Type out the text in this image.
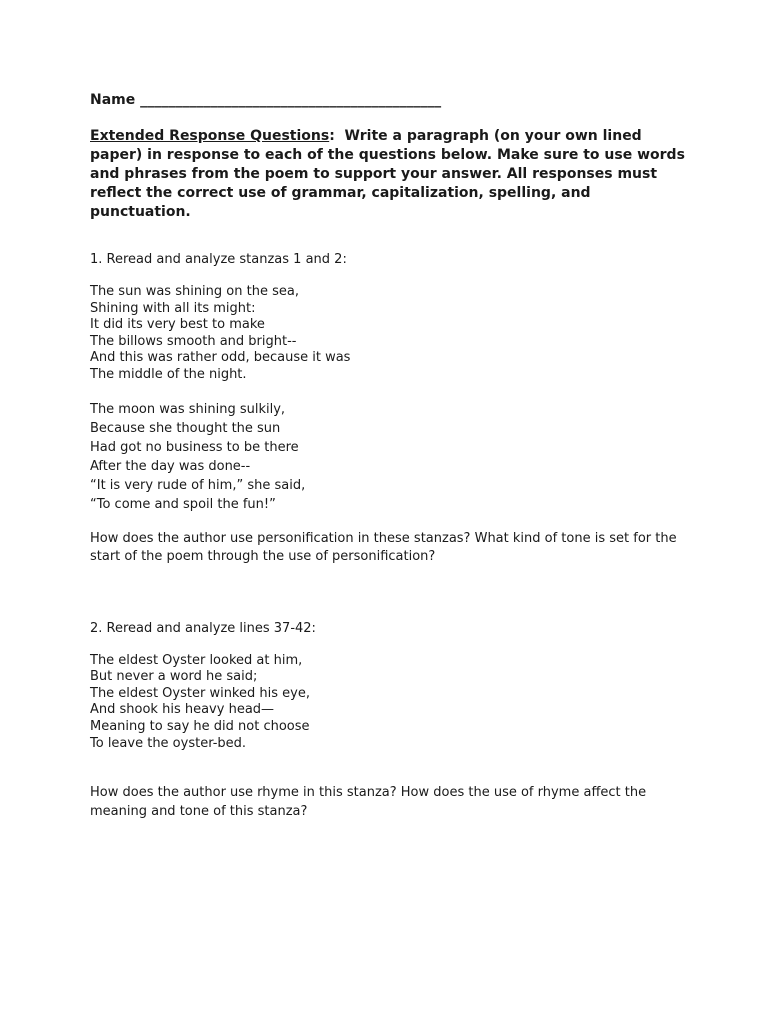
Name ___________________________________________

Extended Response Questions: Write a paragraph (on your own lined paper) in response to each of the questions below. Make sure to use words and phrases from the poem to support your answer. All responses must reflect the correct use of grammar, capitalization, spelling, and punctuation.

1. Reread and analyze stanzas 1 and 2:

The sun was shining on the sea,
Shining with all its might:
It did its very best to make
The billows smooth and bright--
And this was rather odd, because it was
The middle of the night.
The moon was shining sulkily,
Because she thought the sun
Had got no business to be there
After the day was done--
“It is very rude of him,” she said,
“To come and spoil the fun!”

How does the author use personification in these stanzas? What kind of tone is set for the start of the poem through the use of personification?

2. Reread and analyze lines 37-42:

The eldest Oyster looked at him,
But never a word he said;
The eldest Oyster winked his eye,
And shook his heavy head—
Meaning to say he did not choose
To leave the oyster-bed.

How does the author use rhyme in this stanza? How does the use of rhyme affect the meaning and tone of this stanza?
